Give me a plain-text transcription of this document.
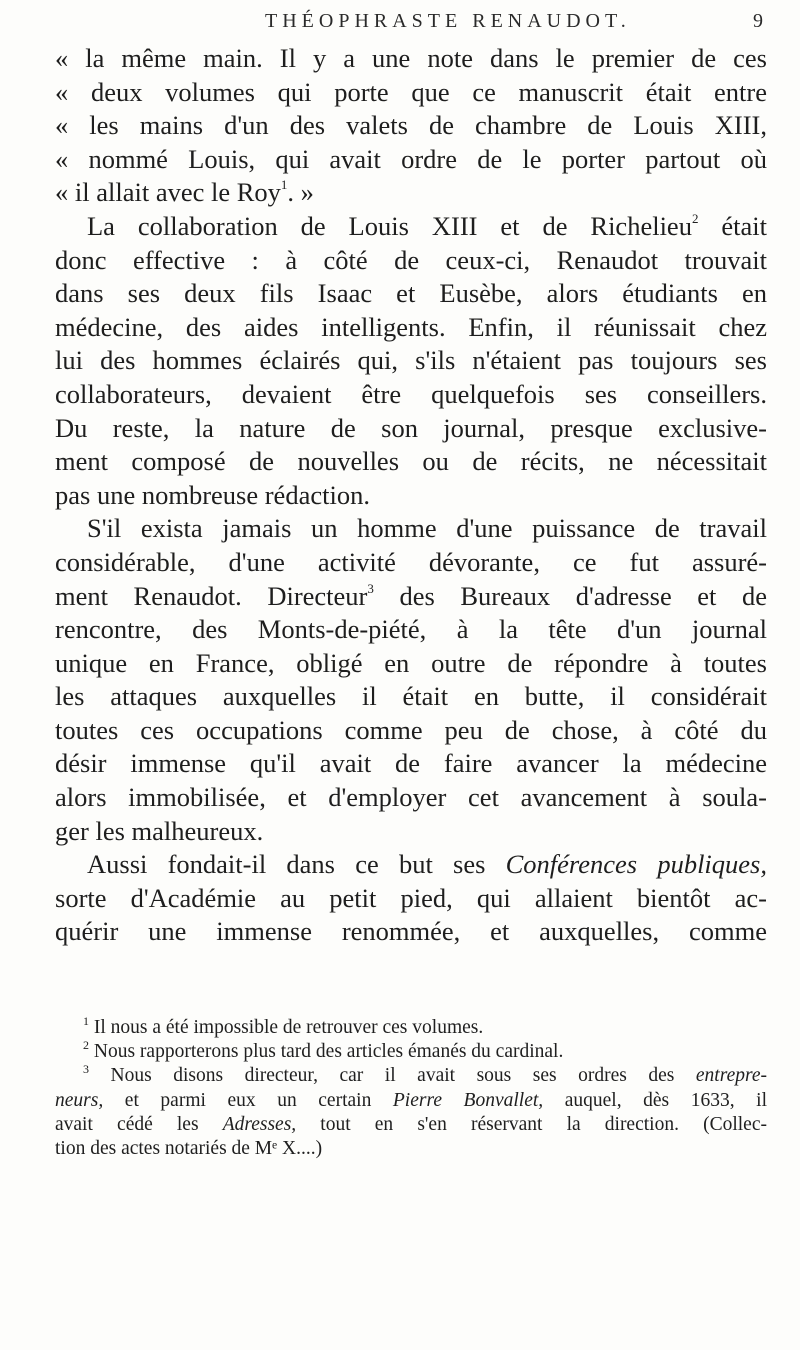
THÉOPHRASTE RENAUDOT.	9

« la même main. Il y a une note dans le premier de ces
« deux volumes qui porte que ce manuscrit était entre
« les mains d'un des valets de chambre de Louis XIII,
« nommé Louis, qui avait ordre de le porter partout où
« il allait avec le Roy$^1$. »

La collaboration de Louis XIII et de Richelieu$^2$ était
donc effective : à côté de ceux-ci, Renaudot trouvait
dans ses deux fils Isaac et Eusèbe, alors étudiants en
médecine, des aides intelligents. Enfin, il réunissait chez
lui des hommes éclairés qui, s'ils n'étaient pas toujours ses
collaborateurs, devaient être quelquefois ses conseillers.
Du reste, la nature de son journal, presque exclusive-
ment composé de nouvelles ou de récits, ne nécessitait
pas une nombreuse rédaction.

S'il exista jamais un homme d'une puissance de travail
considérable, d'une activité dévorante, ce fut assuré-
ment Renaudot. Directeur$^3$ des Bureaux d'adresse et de
rencontre, des Monts-de-piété, à la tête d'un journal
unique en France, obligé en outre de répondre à toutes
les attaques auxquelles il était en butte, il considérait
toutes ces occupations comme peu de chose, à côté du
désir immense qu'il avait de faire avancer la médecine
alors immobilisée, et d'employer cet avancement à soula-
ger les malheureux.

Aussi fondait-il dans ce but ses Conférences publiques,
sorte d'Académie au petit pied, qui allaient bientôt ac-
quérir une immense renommée, et auxquelles, comme

$^1$ Il nous a été impossible de retrouver ces volumes.
$^2$ Nous rapporterons plus tard des articles émanés du cardinal.
$^3$ Nous disons directeur, car il avait sous ses ordres des entrepre-
neurs, et parmi eux un certain Pierre Bonvallet, auquel, dès 1633, il
avait cédé les Adresses, tout en s'en réservant la direction. (Collec-
tion des actes notariés de Mᵉ X....)
